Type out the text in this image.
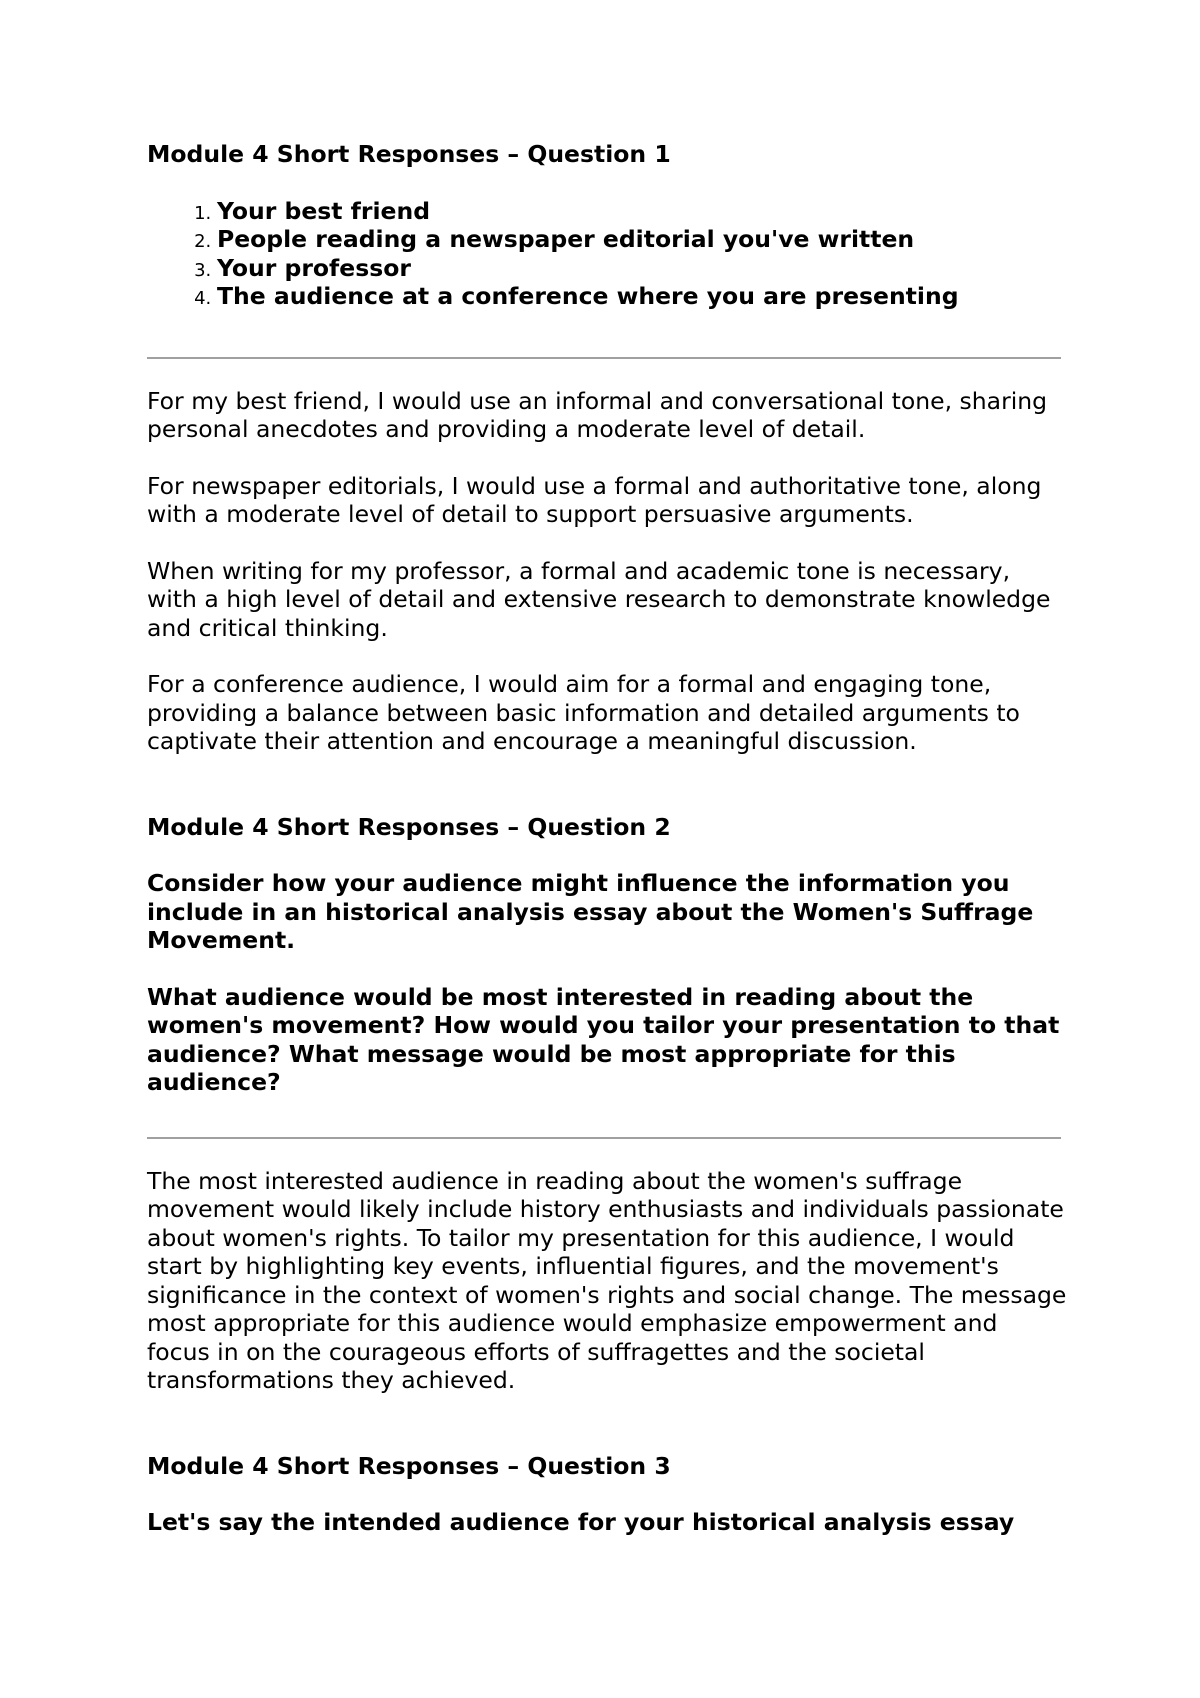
Module 4 Short Responses – Question 1

1. Your best friend
2. People reading a newspaper editorial you've written
3. Your professor
4. The audience at a conference where you are presenting

For my best friend, I would use an informal and conversational tone, sharing personal anecdotes and providing a moderate level of detail.

For newspaper editorials, I would use a formal and authoritative tone, along with a moderate level of detail to support persuasive arguments.

When writing for my professor, a formal and academic tone is necessary, with a high level of detail and extensive research to demonstrate knowledge and critical thinking.

For a conference audience, I would aim for a formal and engaging tone, providing a balance between basic information and detailed arguments to captivate their attention and encourage a meaningful discussion.

Module 4 Short Responses – Question 2

Consider how your audience might influence the information you include in an historical analysis essay about the Women's Suffrage Movement.

What audience would be most interested in reading about the women's movement? How would you tailor your presentation to that audience? What message would be most appropriate for this audience?

The most interested audience in reading about the women's suffrage movement would likely include history enthusiasts and individuals passionate about women's rights. To tailor my presentation for this audience, I would start by highlighting key events, influential figures, and the movement's significance in the context of women's rights and social change. The message most appropriate for this audience would emphasize empowerment and focus in on the courageous efforts of suffragettes and the societal transformations they achieved.

Module 4 Short Responses – Question 3

Let's say the intended audience for your historical analysis essay
